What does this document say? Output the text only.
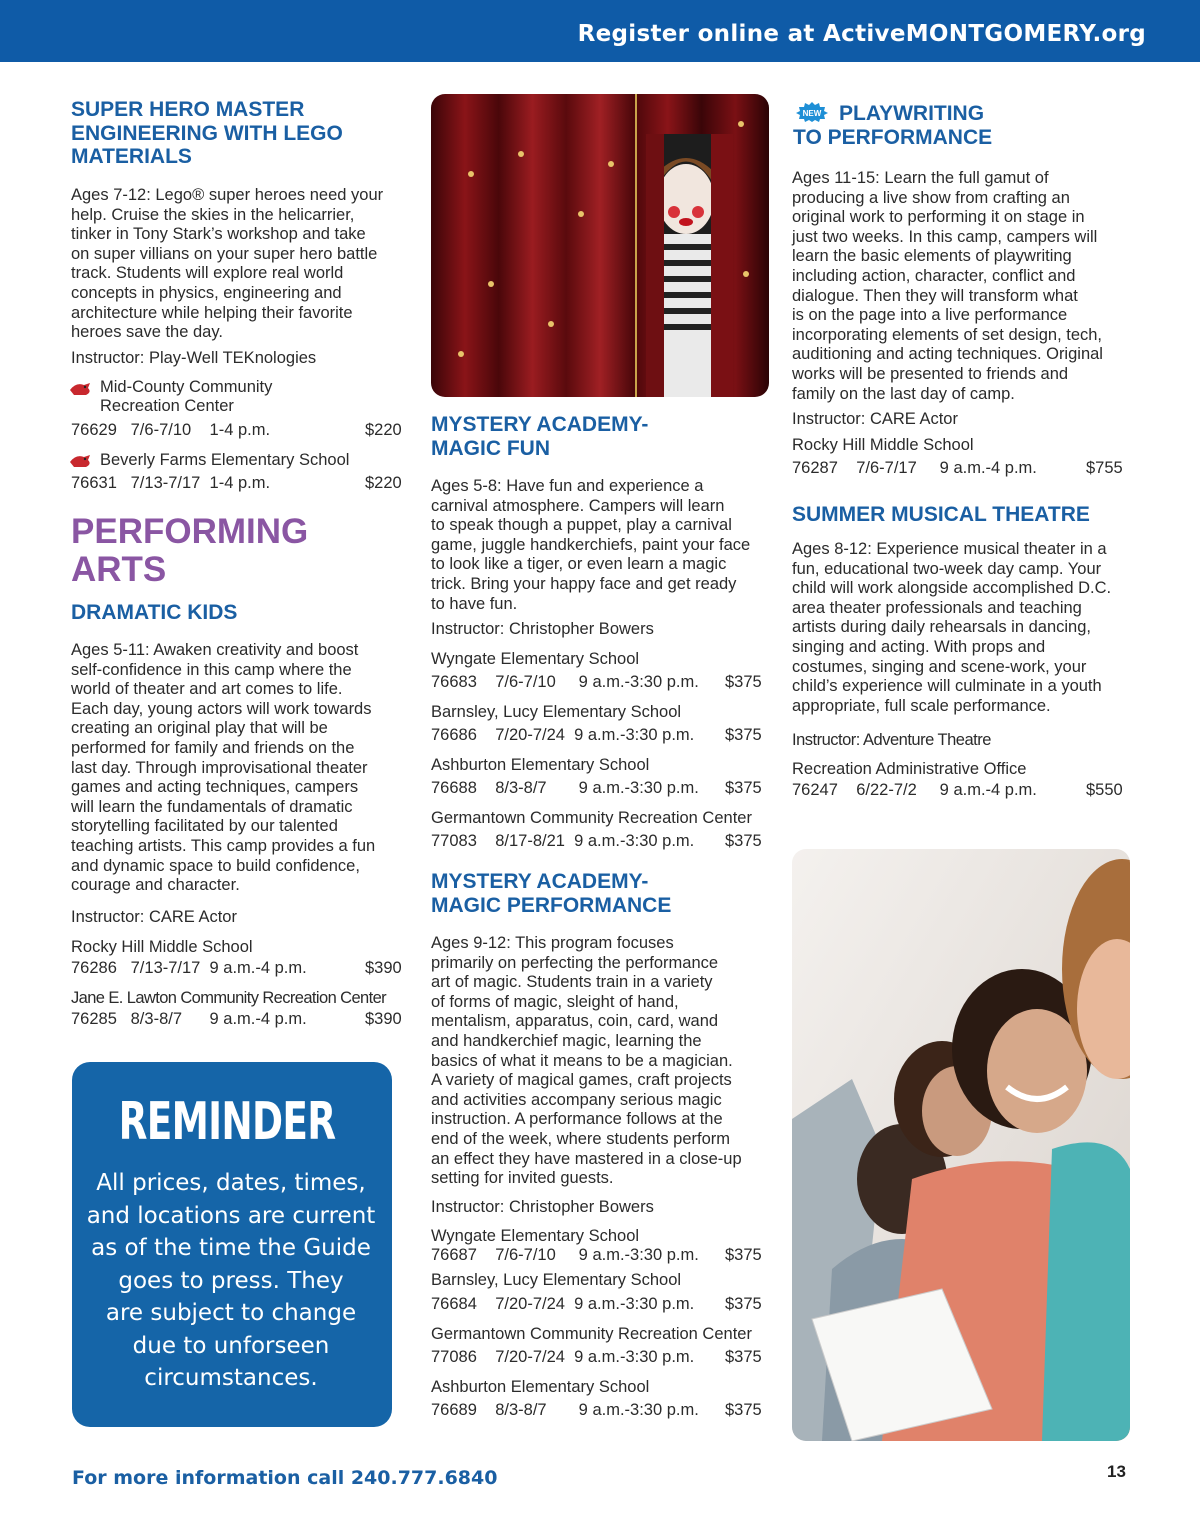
Register online at ActiveMONTGOMERY.org
SUPER HERO MASTER
ENGINEERING WITH LEGO
MATERIALS
Ages 7-12: Lego® super heroes need your
help. Cruise the skies in the helicarrier,
tinker in Tony Stark’s workshop and take
on super villians on your super hero battle
track. Students will explore real world
concepts in physics, engineering and
architecture while helping their favorite
heroes save the day.
Instructor: Play-Well TEKnologies
Mid-County Community
Recreation Center
76629   7/6-7/10    1-4 p.m.	$220
Beverly Farms Elementary School
76631   7/13-7/17  1-4 p.m.	$220
PERFORMING
ARTS
DRAMATIC KIDS
Ages 5-11: Awaken creativity and boost
self-confidence in this camp where the
world of theater and art comes to life.
Each day, young actors will work towards
creating an original play that will be
performed for family and friends on the
last day. Through improvisational theater
games and acting techniques, campers
will learn the fundamentals of dramatic
storytelling facilitated by our talented
teaching artists. This camp provides a fun
and dynamic space to build confidence,
courage and character.
Instructor: CARE Actor
Rocky Hill Middle School
76286   7/13-7/17  9 a.m.-4 p.m.	$390
Jane E. Lawton Community Recreation Center
76285   8/3-8/7      9 a.m.-4 p.m.	$390
REMINDER
All prices, dates, times,
and locations are current
as of the time the Guide
goes to press. They
are subject to change
due to unforseen
circumstances.
MYSTERY ACADEMY-
MAGIC FUN
Ages 5-8: Have fun and experience a
carnival atmosphere. Campers will learn
to speak though a puppet, play a carnival
game, juggle handkerchiefs, paint your face
to look like a tiger, or even learn a magic
trick. Bring your happy face and get ready
to have fun.
Instructor: Christopher Bowers
Wyngate Elementary School
76683    7/6-7/10     9 a.m.-3:30 p.m. $375
Barnsley, Lucy Elementary School
76686    7/20-7/24  9 a.m.-3:30 p.m. $375
Ashburton Elementary School
76688    8/3-8/7       9 a.m.-3:30 p.m. $375
Germantown Community Recreation Center
77083    8/17-8/21  9 a.m.-3:30 p.m. $375
MYSTERY ACADEMY-
MAGIC PERFORMANCE
Ages 9-12: This program focuses
primarily on perfecting the performance
art of magic. Students train in a variety
of forms of magic, sleight of hand,
mentalism, apparatus, coin, card, wand
and handkerchief magic, learning the
basics of what it means to be a magician.
A variety of magical games, craft projects
and activities accompany serious magic
instruction. A performance follows at the
end of the week, where students perform
an effect they have mastered in a close-up
setting for invited guests.
Instructor: Christopher Bowers
Wyngate Elementary School
76687    7/6-7/10     9 a.m.-3:30 p.m. $375
Barnsley, Lucy Elementary School
76684    7/20-7/24  9 a.m.-3:30 p.m. $375
Germantown Community Recreation Center
77086    7/20-7/24  9 a.m.-3:30 p.m. $375
Ashburton Elementary School
76689    8/3-8/7       9 a.m.-3:30 p.m. $375
NEW PLAYWRITING
TO PERFORMANCE
Ages 11-15: Learn the full gamut of
producing a live show from crafting an
original work to performing it on stage in
just two weeks. In this camp, campers will
learn the basic elements of playwriting
including action, character, conflict and
dialogue. Then they will transform what
is on the page into a live performance
incorporating elements of set design, tech,
auditioning and acting techniques. Original
works will be presented to friends and
family on the last day of camp.
Instructor: CARE Actor
Rocky Hill Middle School
76287    7/6-7/17     9 a.m.-4 p.m.	$755
SUMMER MUSICAL THEATRE
Ages 8-12: Experience musical theater in a
fun, educational two-week day camp. Your
child will work alongside accomplished D.C.
area theater professionals and teaching
artists during daily rehearsals in dancing,
singing and acting. With props and
costumes, singing and scene-work, your
child’s experience will culminate in a youth
appropriate, full scale performance.
Instructor: Adventure Theatre
Recreation Administrative Office
76247    6/22-7/2     9 a.m.-4 p.m.	$550
For more information call 240.777.6840	13
